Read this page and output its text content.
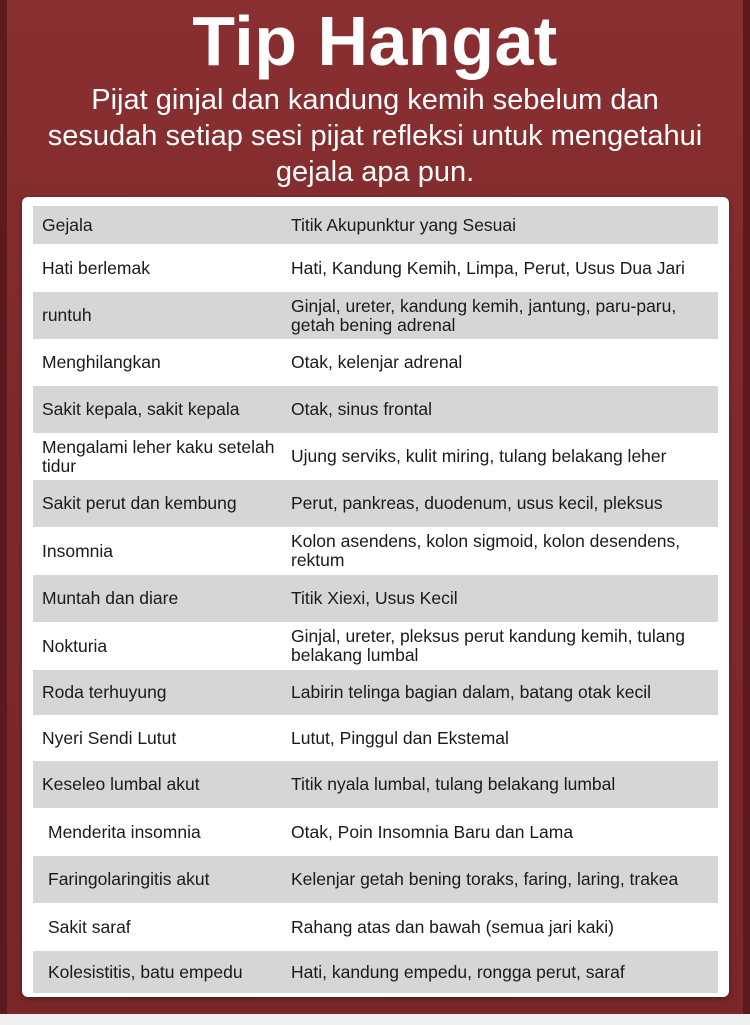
Tip Hangat
Pijat ginjal dan kandung kemih sebelum dan sesudah setiap sesi pijat refleksi untuk mengetahui gejala apa pun.
Gejala	Titik Akupunktur yang Sesuai
Hati berlemak	Hati, Kandung Kemih, Limpa, Perut, Usus Dua Jari
runtuh	Ginjal, ureter, kandung kemih, jantung, paru-paru, getah bening adrenal
Menghilangkan	Otak, kelenjar adrenal
Sakit kepala, sakit kepala	Otak, sinus frontal
Mengalami leher kaku setelah tidur	Ujung serviks, kulit miring, tulang belakang leher
Sakit perut dan kembung	Perut, pankreas, duodenum, usus kecil, pleksus
Insomnia	Kolon asendens, kolon sigmoid, kolon desendens, rektum
Muntah dan diare	Titik Xiexi, Usus Kecil
Nokturia	Ginjal, ureter, pleksus perut kandung kemih, tulang belakang lumbal
Roda terhuyung	Labirin telinga bagian dalam, batang otak kecil
Nyeri Sendi Lutut	Lutut, Pinggul dan Ekstemal
Keseleo lumbal akut	Titik nyala lumbal, tulang belakang lumbal
Menderita insomnia	Otak, Poin Insomnia Baru dan Lama
Faringolaringitis akut	Kelenjar getah bening toraks, faring, laring, trakea
Sakit saraf	Rahang atas dan bawah (semua jari kaki)
Kolesistitis, batu empedu	Hati, kandung empedu, rongga perut, saraf
